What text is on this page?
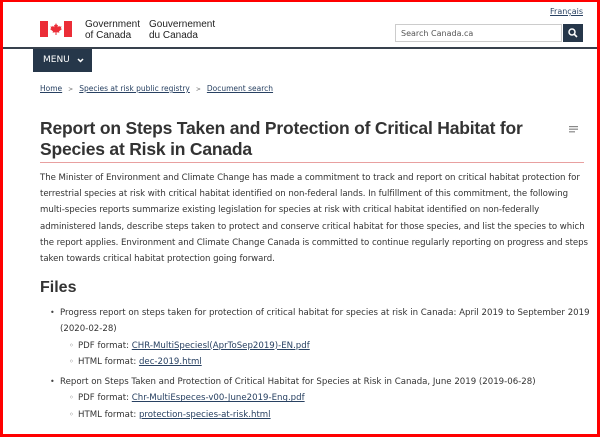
Government
of Canada
Gouvernement
du Canada
Français
Search Canada.ca
MENU
Home > Species at risk public registry > Document search
Report on Steps Taken and Protection of Critical Habitat for Species at Risk in Canada

The Minister of Environment and Climate Change has made a commitment to track and report on critical habitat protection for terrestrial species at risk with critical habitat identified on non-federal lands. In fulfillment of this commitment, the following multi-species reports summarize existing legislation for species at risk with critical habitat identified on non-federally administered lands, describe steps taken to protect and conserve critical habitat for those species, and list the species to which the report applies. Environment and Climate Change Canada is committed to continue regularly reporting on progress and steps taken towards critical habitat protection going forward.

Files
• Progress report on steps taken for protection of critical habitat for species at risk in Canada: April 2019 to September 2019 (2020-02-28)
◦ PDF format: CHR-MultiSpeciesl(AprToSep2019)-EN.pdf
◦ HTML format: dec-2019.html
• Report on Steps Taken and Protection of Critical Habitat for Species at Risk in Canada, June 2019 (2019-06-28)
◦ PDF format: Chr-MultiEspeces-v00-June2019-Eng.pdf
◦ HTML format: protection-species-at-risk.html
